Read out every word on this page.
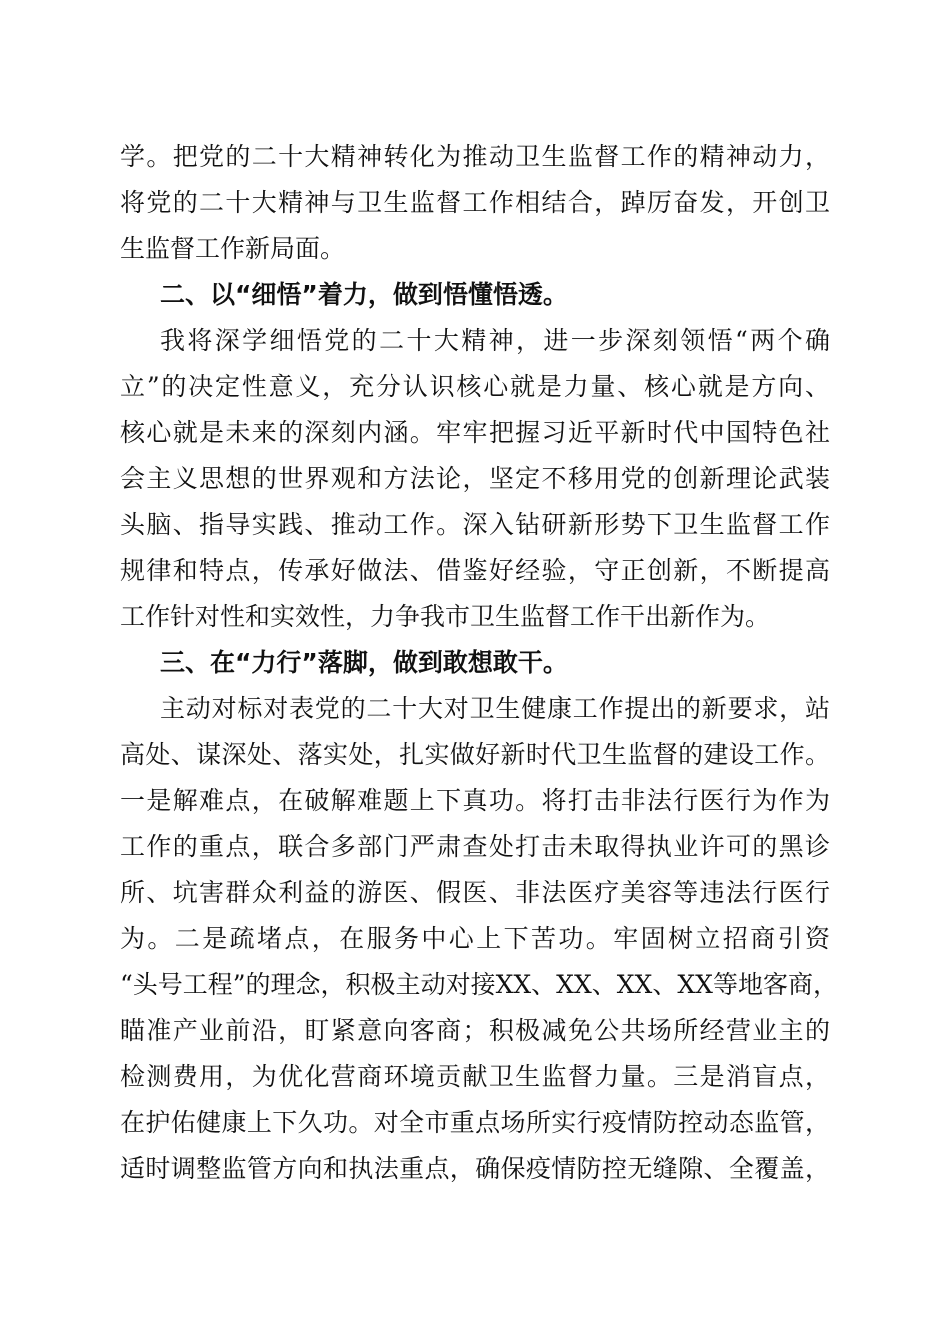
学。把党的二十大精神转化为推动卫生监督工作的精神动力，
将党的二十大精神与卫生监督工作相结合，踔厉奋发，开创卫
生监督工作新局面。
二、以“细悟”着力，做到悟懂悟透。
我将深学细悟党的二十大精神，进一步深刻领悟“两个确
立”的决定性意义，充分认识核心就是力量、核心就是方向、
核心就是未来的深刻内涵。牢牢把握习近平新时代中国特色社
会主义思想的世界观和方法论，坚定不移用党的创新理论武装
头脑、指导实践、推动工作。深入钻研新形势下卫生监督工作
规律和特点，传承好做法、借鉴好经验，守正创新，不断提高
工作针对性和实效性，力争我市卫生监督工作干出新作为。
三、在“力行”落脚，做到敢想敢干。
主动对标对表党的二十大对卫生健康工作提出的新要求，站
高处、谋深处、落实处，扎实做好新时代卫生监督的建设工作。
一是解难点，在破解难题上下真功。将打击非法行医行为作为
工作的重点，联合多部门严肃查处打击未取得执业许可的黑诊
所、坑害群众利益的游医、假医、非法医疗美容等违法行医行
为。二是疏堵点，在服务中心上下苦功。牢固树立招商引资
“头号工程”的理念，积极主动对接XX、XX、XX、XX等地客商，
瞄准产业前沿，盯紧意向客商；积极减免公共场所经营业主的
检测费用，为优化营商环境贡献卫生监督力量。三是消盲点，
在护佑健康上下久功。对全市重点场所实行疫情防控动态监管，
适时调整监管方向和执法重点，确保疫情防控无缝隙、全覆盖，
